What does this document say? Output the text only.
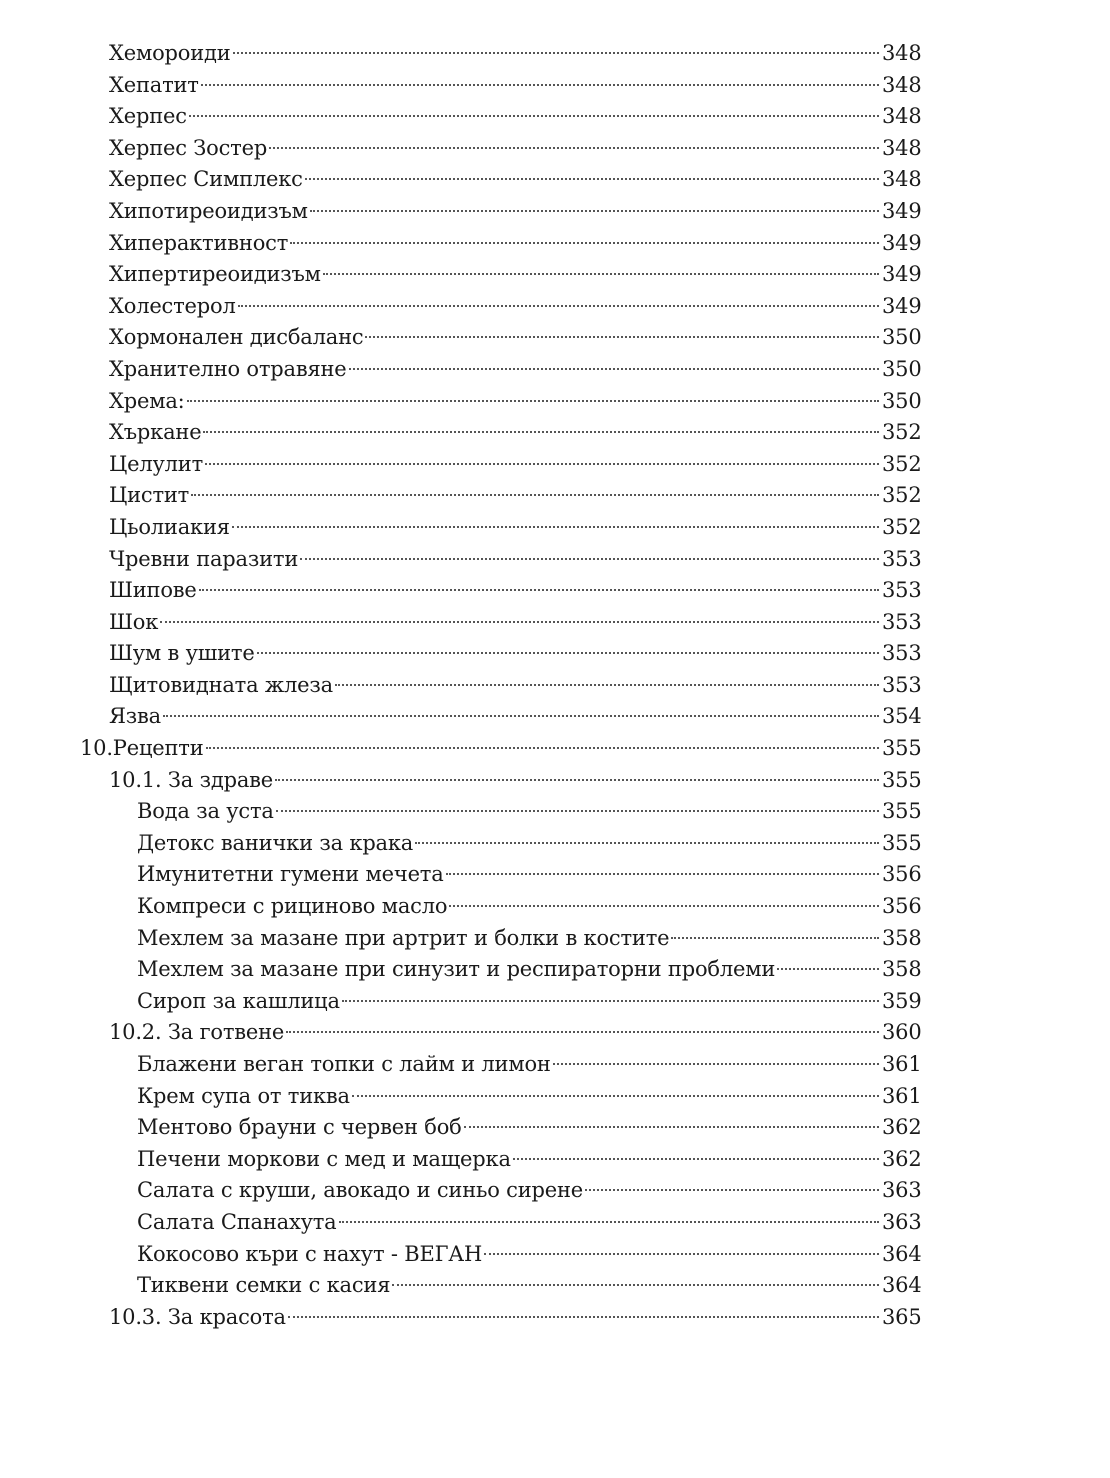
Хемороиди	348
Хепатит	348
Херпес	348
Херпес Зостер	348
Херпес Симплекс	348
Хипотиреоидизъм	349
Хиперактивност	349
Хипертиреоидизъм	349
Холестерол	349
Хормонален дисбаланс	350
Хранително отравяне	350
Хрема:	350
Хъркане	352
Целулит	352
Цистит	352
Цьолиакия	352
Чревни паразити	353
Шипове	353
Шок	353
Шум в ушите	353
Щитовидната жлеза	353
Язва	354
10.Рецепти	355
10.1. За здраве	355
Вода за уста	355
Детокс ванички за крака	355
Имунитетни гумени мечета	356
Компреси с рициново масло	356
Мехлем за мазане при артрит и болки в костите	358
Мехлем за мазане при синузит и респираторни проблеми	358
Сироп за кашлица	359
10.2. За готвене	360
Блажени веган топки с лайм и лимон	361
Крем супа от тиква	361
Ментово брауни с червен боб	362
Печени моркови с мед и мащерка	362
Салата с круши, авокадо и синьо сирене	363
Салата Спанахута	363
Кокосово къри с нахут - ВЕГАН	364
Тиквени семки с касия	364
10.3. За красота	365
